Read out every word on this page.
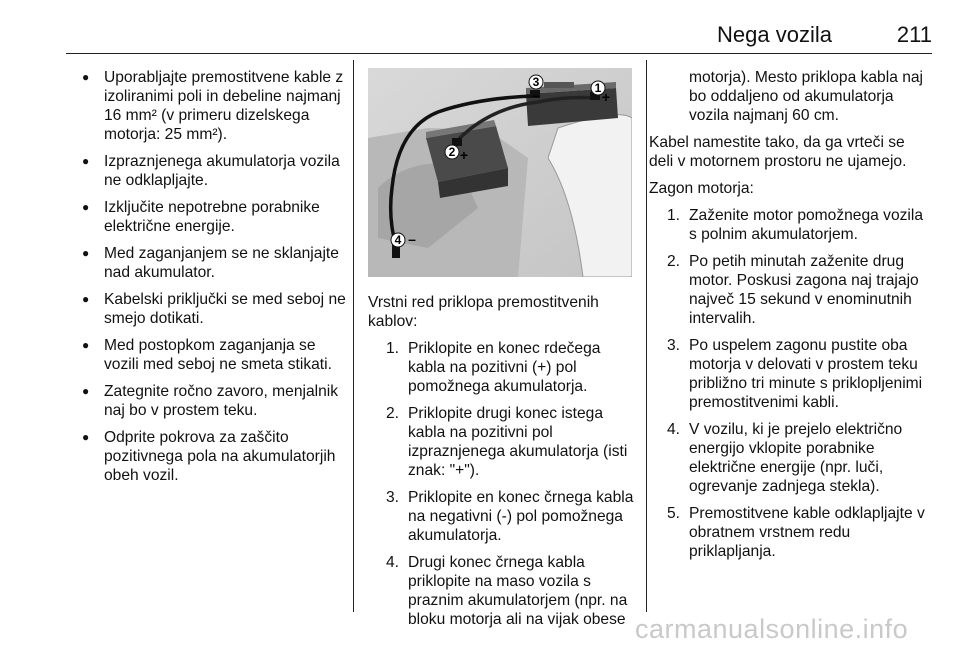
Nega vozila	211
● Uporabljajte premostitvene kable z izoliranimi poli in debeline najmanj 16 mm² (v primeru dizelskega motorja: 25 mm²).
● Izpraznjenega akumulatorja vozila ne odklapljajte.
● Izključite nepotrebne porabnike električne energije.
● Med zaganjanjem se ne sklanjajte nad akumulator.
● Kabelski priključki se med seboj ne smejo dotikati.
● Med postopkom zaganjanja se vozili med seboj ne smeta stikati.
● Zategnite ročno zavoro, menjalnik naj bo v prostem teku.
● Odprite pokrova za zaščito pozitivnega pola na akumulatorjih obeh vozil.
1
+
2 +
3
–
4 –

Vrstni red priklopa premostitvenih kablov:

1. Priklopite en konec rdečega kabla na pozitivni (+) pol pomožnega akumulatorja.
2. Priklopite drugi konec istega kabla na pozitivni pol izpraznjenega akumulatorja (isti znak: "+").
3. Priklopite en konec črnega kabla na negativni (-) pol pomožnega akumulatorja.
4. Drugi konec črnega kabla priklopite na maso vozila s praznim akumulatorjem (npr. na bloku motorja ali na vijak obese

motorja). Mesto priklopa kabla naj bo oddaljeno od akumulatorja vozila najmanj 60 cm.

Kabel namestite tako, da ga vrteči se deli v motornem prostoru ne ujamejo.

Zagon motorja:

1. Zaženite motor pomožnega vozila s polnim akumulatorjem.
2. Po petih minutah zaženite drug motor. Poskusi zagona naj trajajo največ 15 sekund v enominutnih intervalih.
3. Po uspelem zagonu pustite oba motorja v delovati v prostem teku približno tri minute s priklopljenimi premostitvenimi kabli.
4. V vozilu, ki je prejelo električno energijo vklopite porabnike električne energije (npr. luči, ogrevanje zadnjega stekla).
5. Premostitvene kable odklapljajte v obratnem vrstnem redu priklapljanja.
carmanualsonline.info
